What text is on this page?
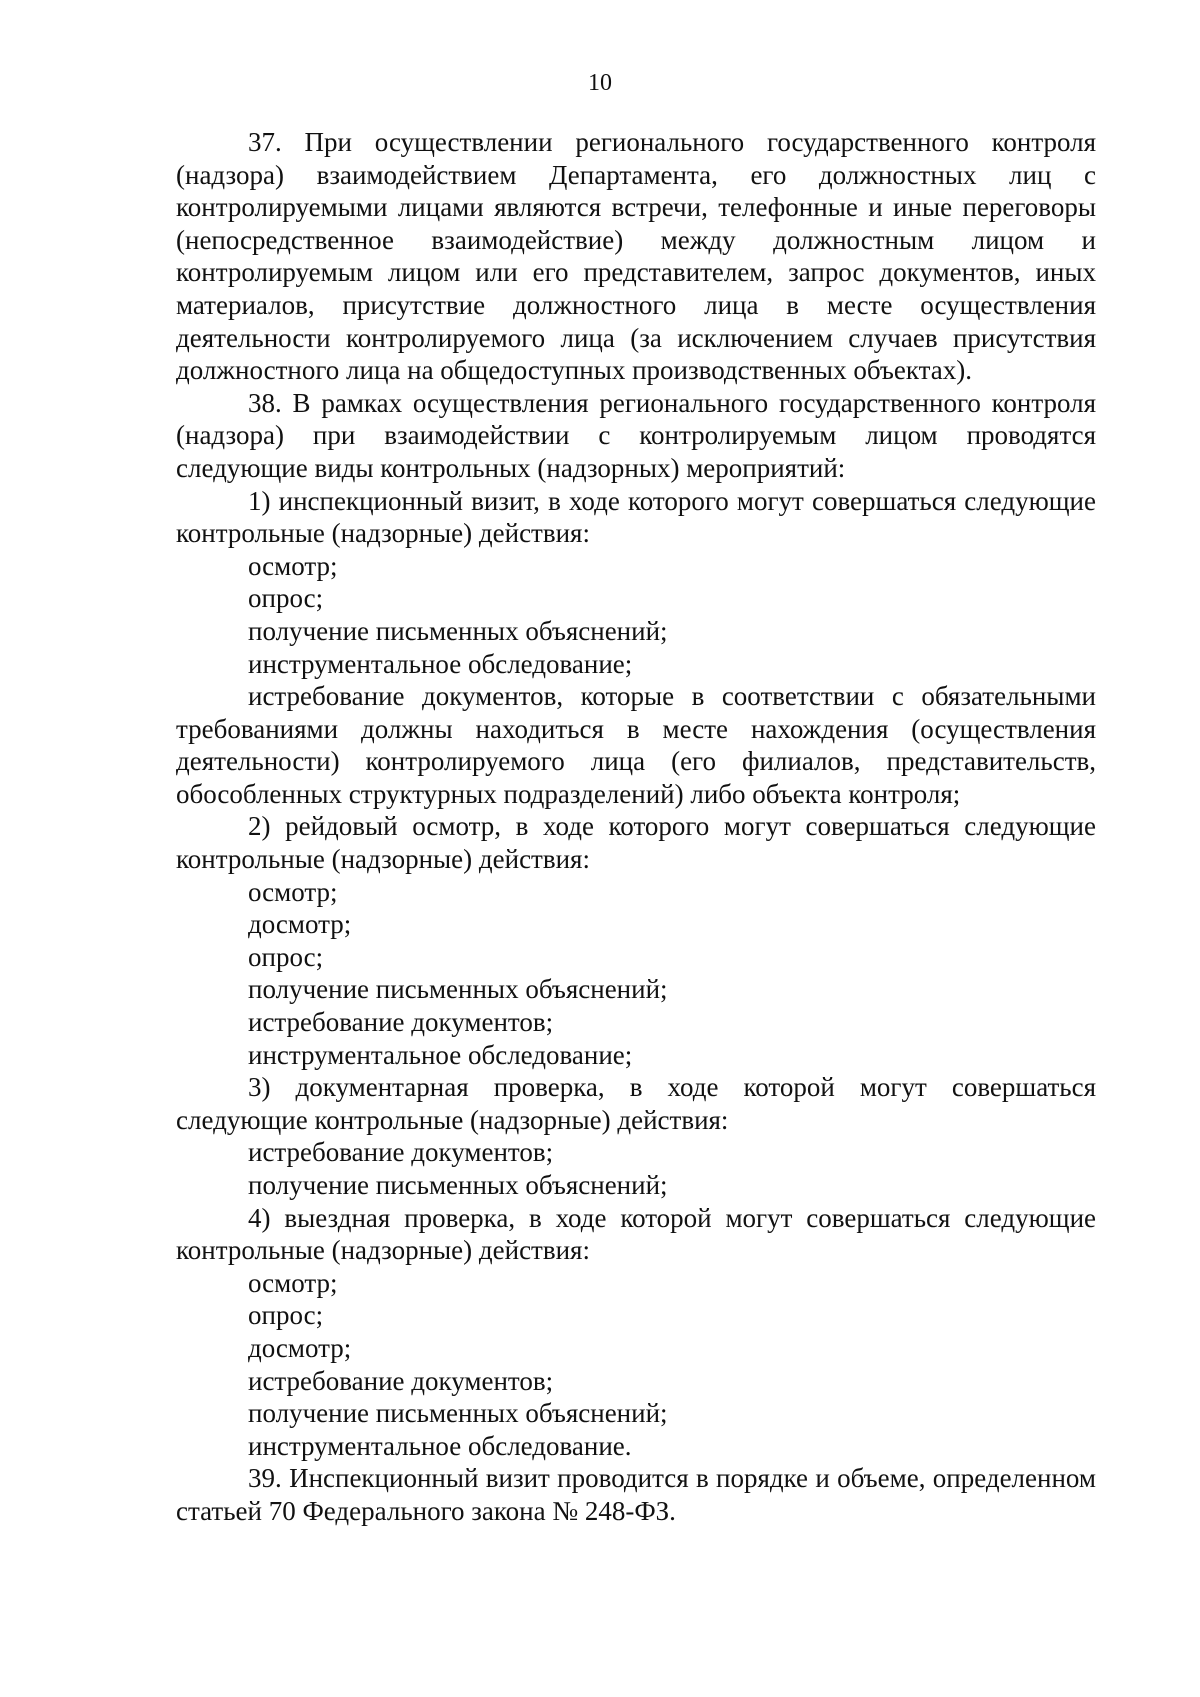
10

37. При осуществлении регионального государственного контроля (надзора) взаимодействием Департамента, его должностных лиц с контролируемыми лицами являются встречи, телефонные и иные переговоры (непосредственное взаимодействие) между должностным лицом и контролируемым лицом или его представителем, запрос документов, иных материалов, присутствие должностного лица в месте осуществления деятельности контролируемого лица (за исключением случаев присутствия должностного лица на общедоступных производственных объектах).

38. В рамках осуществления регионального государственного контроля (надзора) при взаимодействии с контролируемым лицом проводятся следующие виды контрольных (надзорных) мероприятий:

1) инспекционный визит, в ходе которого могут совершаться следующие контрольные (надзорные) действия:

осмотр;

опрос;

получение письменных объяснений;

инструментальное обследование;

истребование документов, которые в соответствии с обязательными требованиями должны находиться в месте нахождения (осуществления деятельности) контролируемого лица (его филиалов, представительств, обособленных структурных подразделений) либо объекта контроля;

2) рейдовый осмотр, в ходе которого могут совершаться следующие контрольные (надзорные) действия:

осмотр;

досмотр;

опрос;

получение письменных объяснений;

истребование документов;

инструментальное обследование;

3) документарная проверка, в ходе которой могут совершаться следующие контрольные (надзорные) действия:

истребование документов;

получение письменных объяснений;

4) выездная проверка, в ходе которой могут совершаться следующие контрольные (надзорные) действия:

осмотр;

опрос;

досмотр;

истребование документов;

получение письменных объяснений;

инструментальное обследование.

39. Инспекционный визит проводится в порядке и объеме, определенном статьей 70 Федерального закона № 248-ФЗ.
